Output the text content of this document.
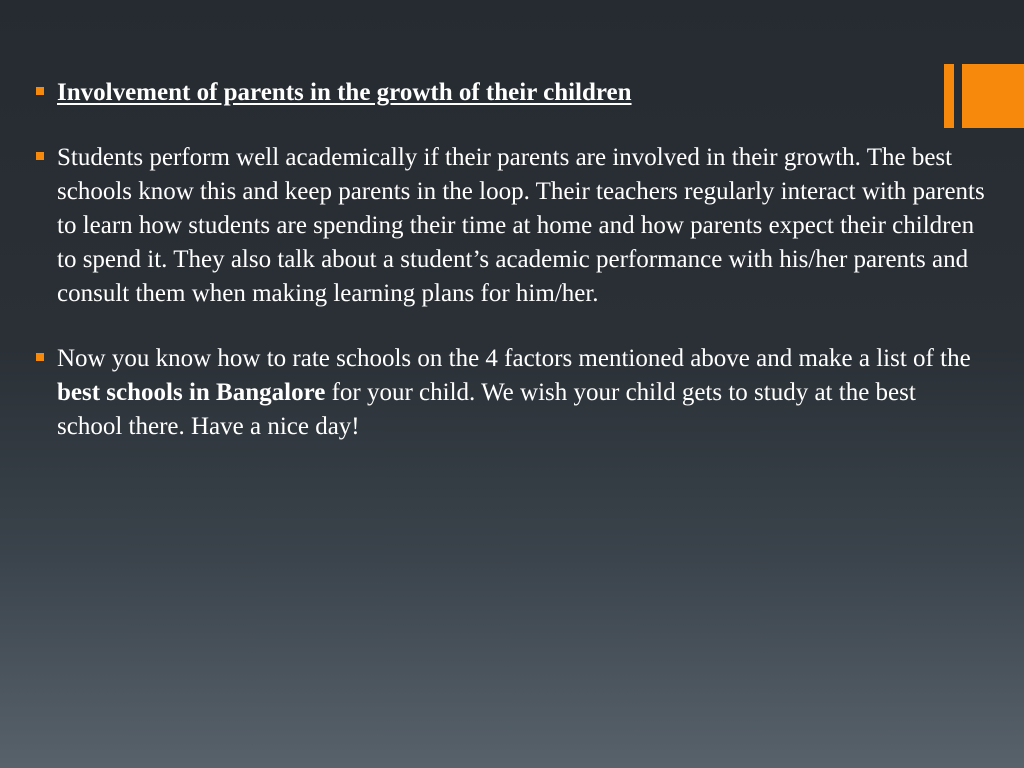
Involvement of parents in the growth of their children
Students perform well academically if their parents are involved in their growth. The best schools know this and keep parents in the loop. Their teachers regularly interact with parents to learn how students are spending their time at home and how parents expect their children to spend it. They also talk about a student’s academic performance with his/her parents and consult them when making learning plans for him/her.
Now you know how to rate schools on the 4 factors mentioned above and make a list of the best schools in Bangalore for your child. We wish your child gets to study at the best school there. Have a nice day!
